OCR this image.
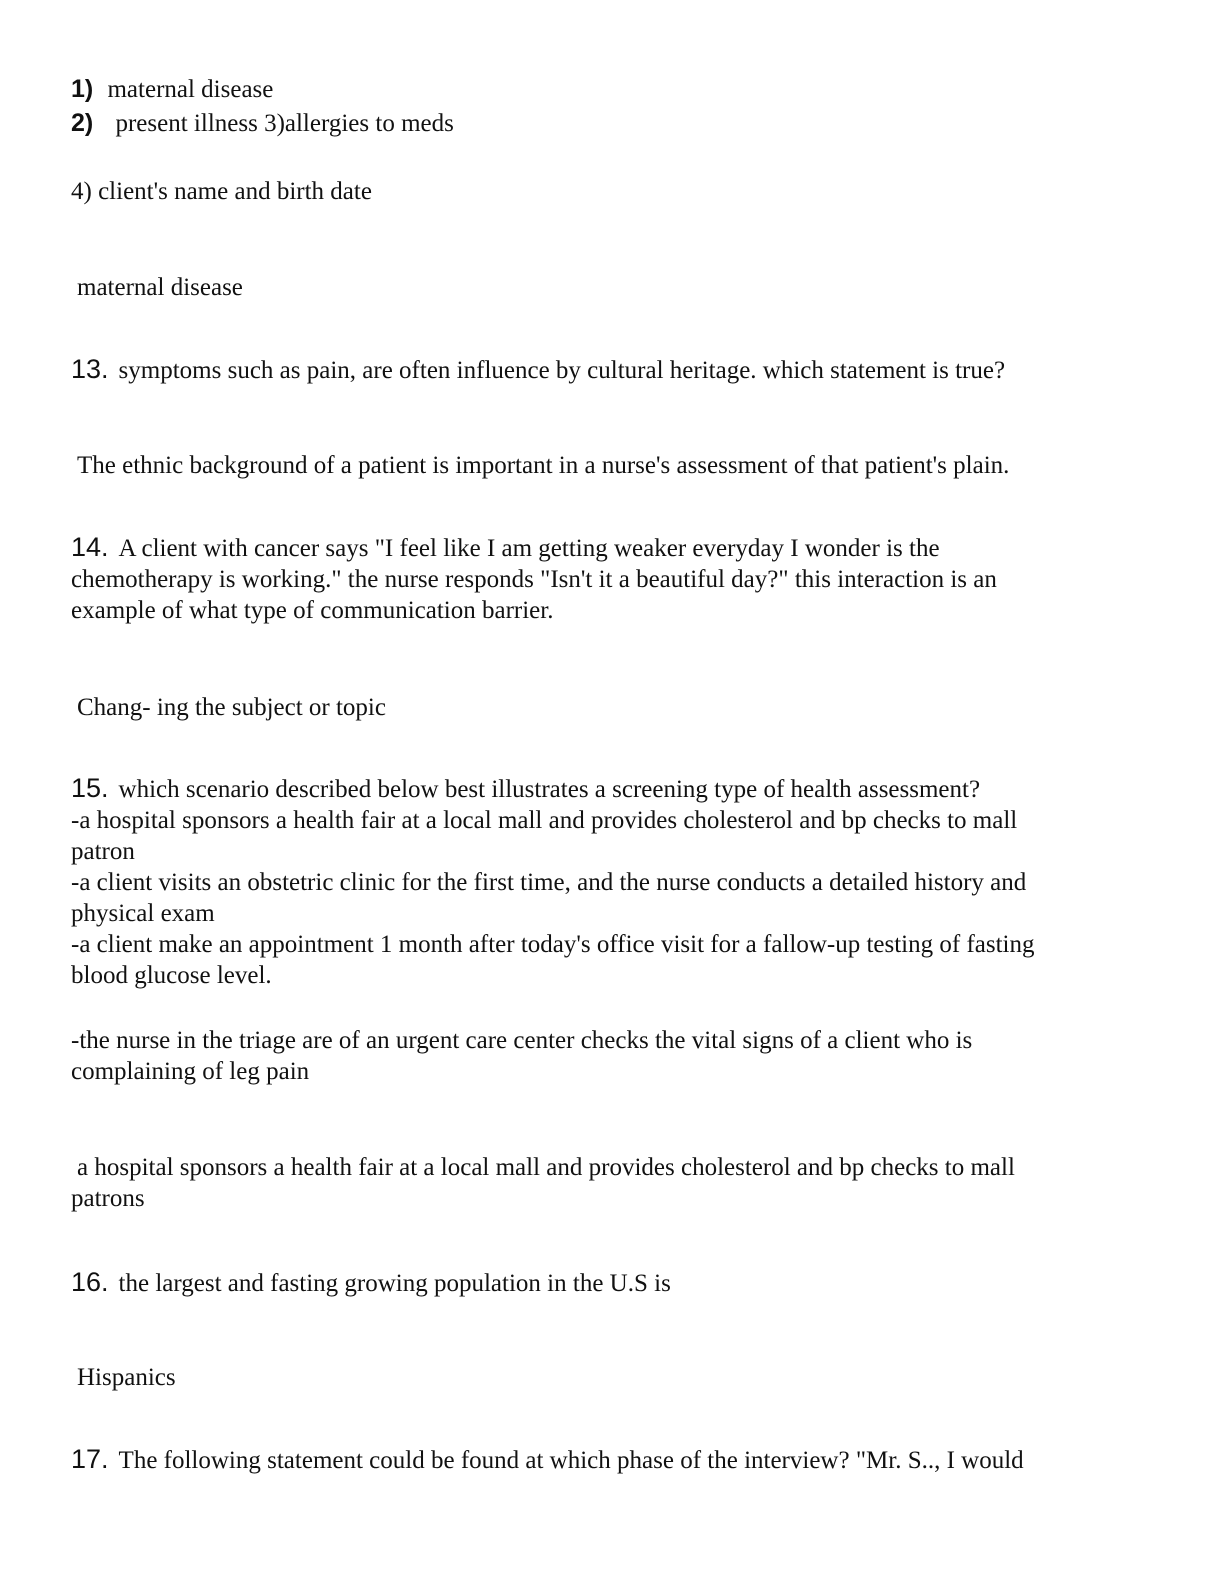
1) maternal disease
2) present illness 3)allergies to meds
4) client's name and birth date
maternal disease
13. symptoms such as pain, are often influence by cultural heritage. which statement is true?
The ethnic background of a patient is important in a nurse's assessment of that patient's plain.
14. A client with cancer says "I feel like I am getting weaker everyday I wonder is the
chemotherapy is working." the nurse responds "Isn't it a beautiful day?" this interaction is an
example of what type of communication barrier.
Chang- ing the subject or topic
15. which scenario described below best illustrates a screening type of health assessment?
-a hospital sponsors a health fair at a local mall and provides cholesterol and bp checks to mall
patron
-a client visits an obstetric clinic for the first time, and the nurse conducts a detailed history and
physical exam
-a client make an appointment 1 month after today's office visit for a fallow-up testing of fasting
blood glucose level.
-the nurse in the triage are of an urgent care center checks the vital signs of a client who is
complaining of leg pain
a hospital sponsors a health fair at a local mall and provides cholesterol and bp checks to mall
patrons
16. the largest and fasting growing population in the U.S is
Hispanics
17. The following statement could be found at which phase of the interview? "Mr. S.., I would
